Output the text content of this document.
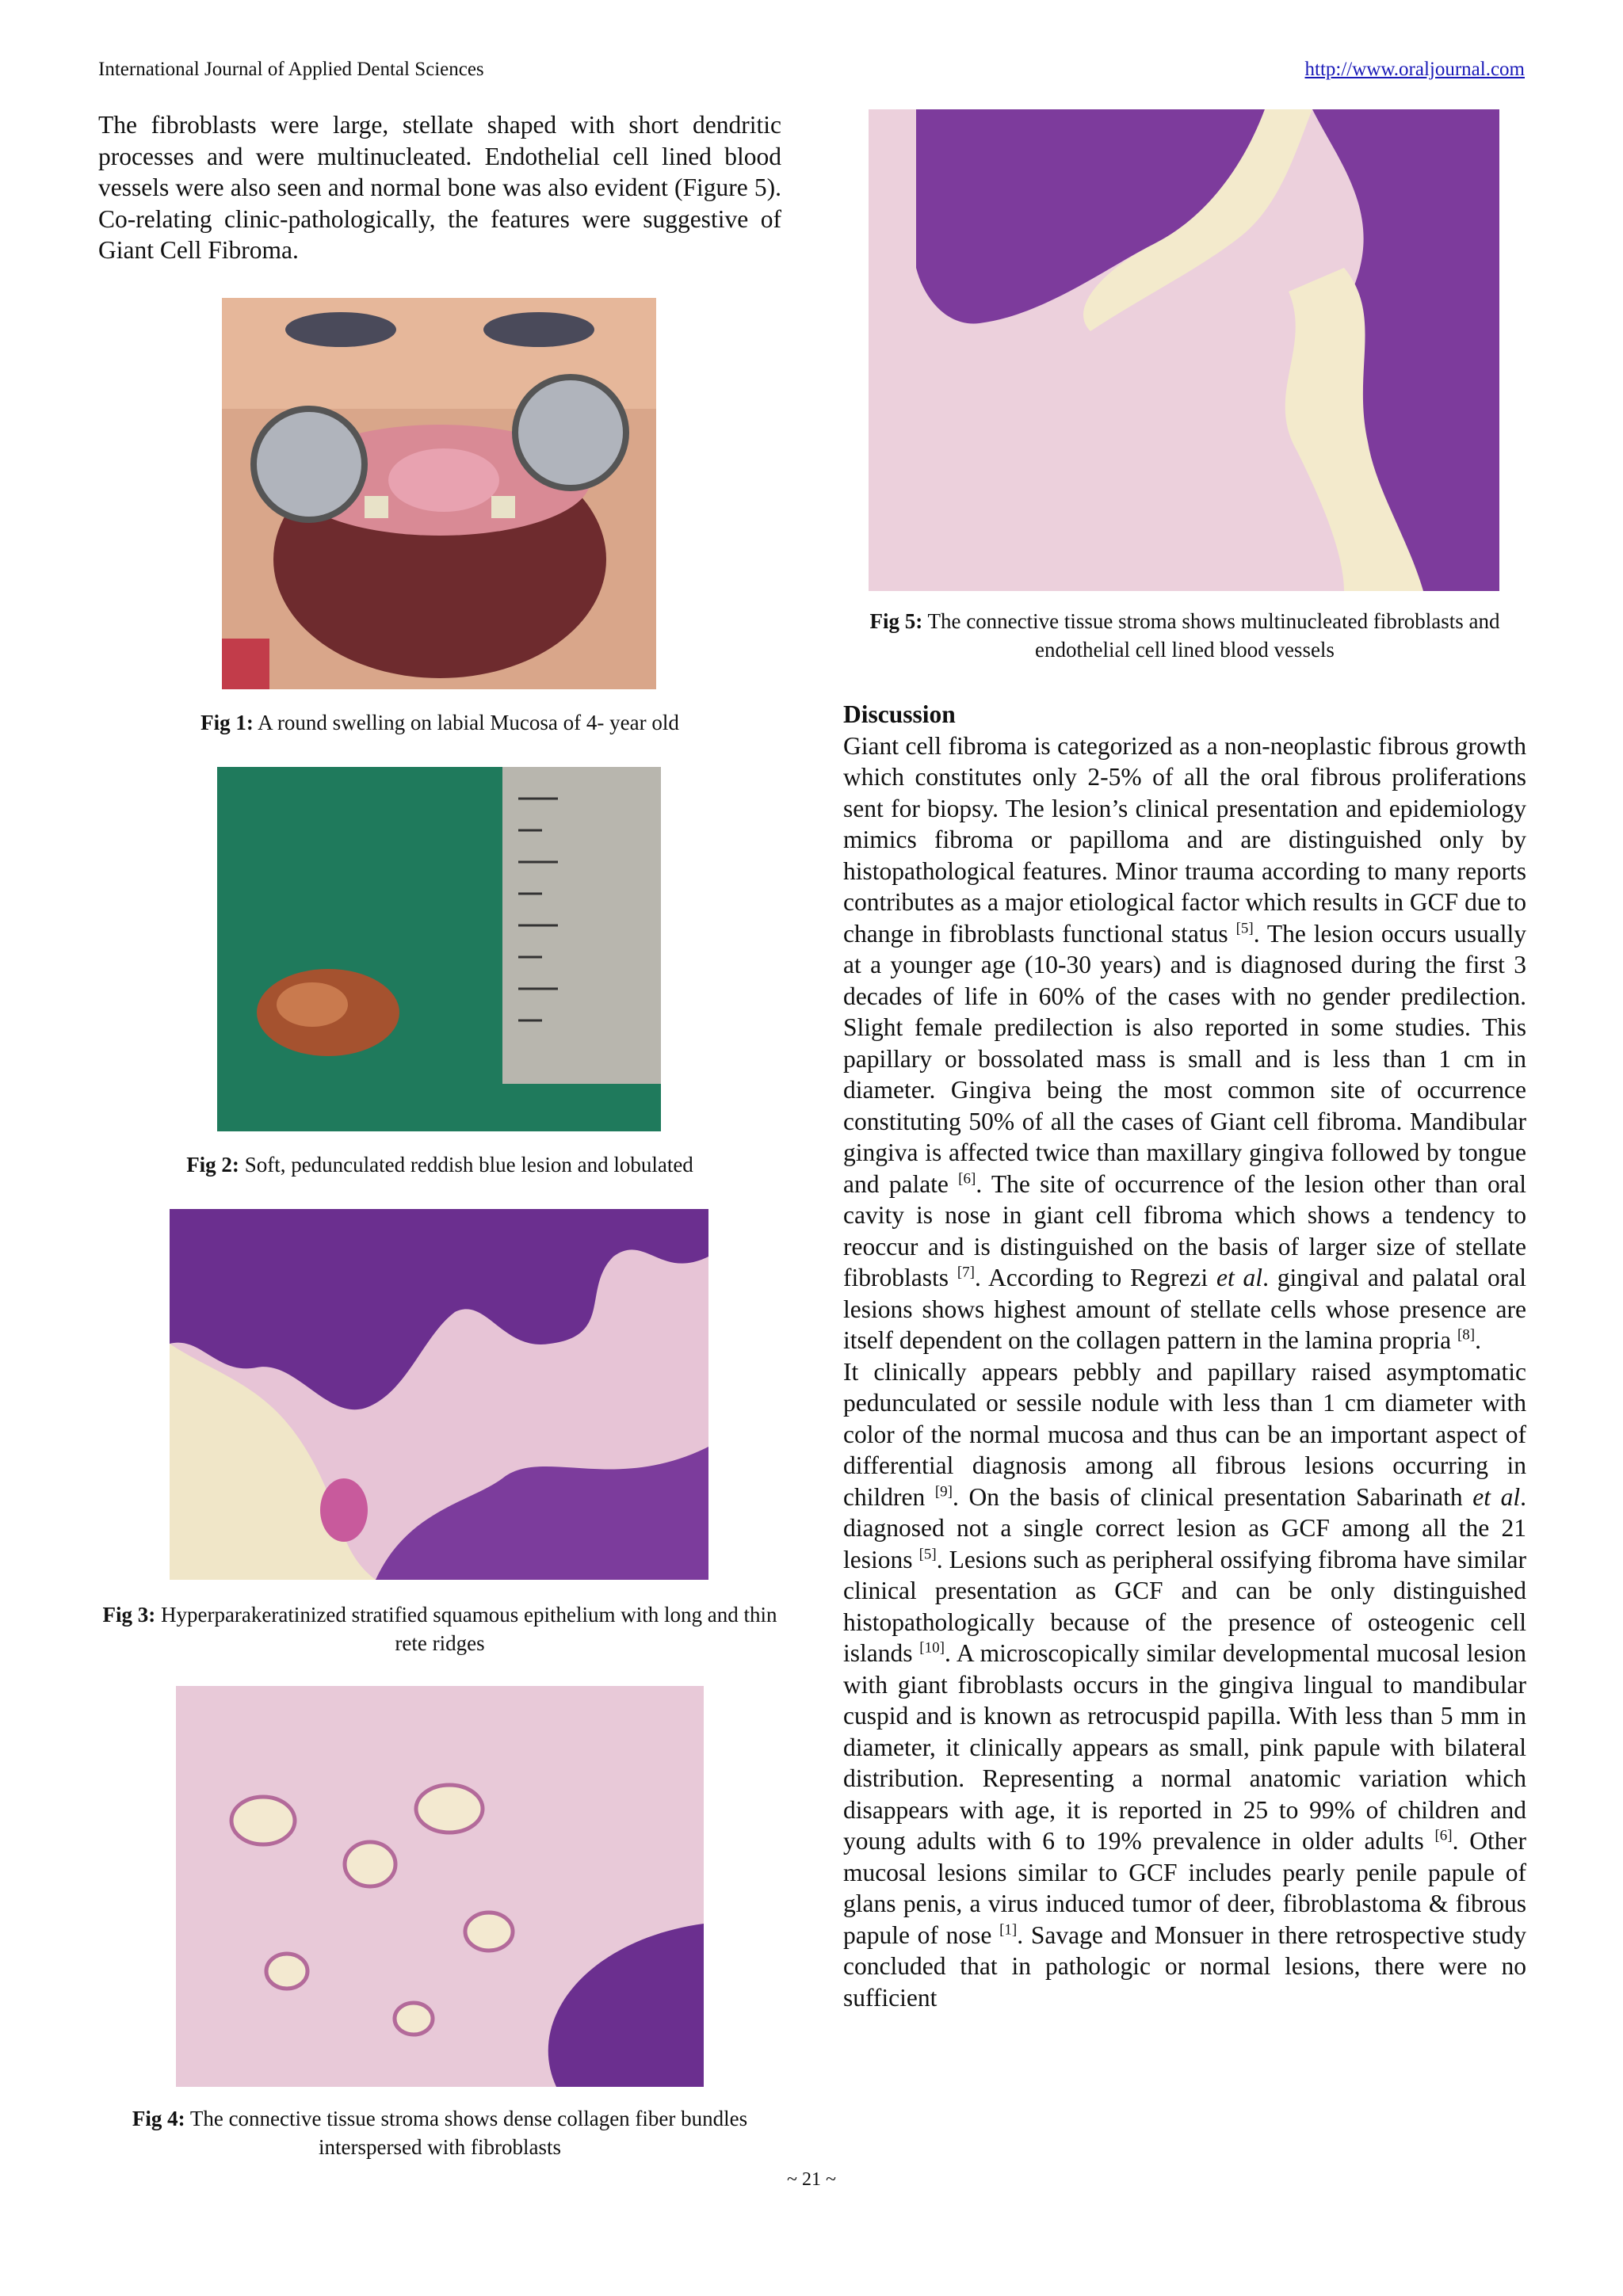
International Journal of Applied Dental Sciences	http://www.oraljournal.com
The fibroblasts were large, stellate shaped with short dendritic processes and were multinucleated. Endothelial cell lined blood vessels were also seen and normal bone was also evident (Figure 5). Co-relating clinic-pathologically, the features were suggestive of Giant Cell Fibroma.
Fig 1: A round swelling on labial Mucosa of 4- year old
Fig 2: Soft, pedunculated reddish blue lesion and lobulated
Fig 3: Hyperparakeratinized stratified squamous epithelium with long and thin rete ridges
Fig 4: The connective tissue stroma shows dense collagen fiber bundles interspersed with fibroblasts
Fig 5: The connective tissue stroma shows multinucleated fibroblasts and endothelial cell lined blood vessels
Discussion

Giant cell fibroma is categorized as a non-neoplastic fibrous growth which constitutes only 2-5% of all the oral fibrous proliferations sent for biopsy. The lesion’s clinical presentation and epidemiology mimics fibroma or papilloma and are distinguished only by histopathological features. Minor trauma according to many reports contributes as a major etiological factor which results in GCF due to change in fibroblasts functional status [5]. The lesion occurs usually at a younger age (10-30 years) and is diagnosed during the first 3 decades of life in 60% of the cases with no gender predilection. Slight female predilection is also reported in some studies. This papillary or bossolated mass is small and is less than 1 cm in diameter. Gingiva being the most common site of occurrence constituting 50% of all the cases of Giant cell fibroma. Mandibular gingiva is affected twice than maxillary gingiva followed by tongue and palate [6]. The site of occurrence of the lesion other than oral cavity is nose in giant cell fibroma which shows a tendency to reoccur and is distinguished on the basis of larger size of stellate fibroblasts [7]. According to Regrezi et al. gingival and palatal oral lesions shows highest amount of stellate cells whose presence are itself dependent on the collagen pattern in the lamina propria [8].

It clinically appears pebbly and papillary raised asymptomatic pedunculated or sessile nodule with less than 1 cm diameter with color of the normal mucosa and thus can be an important aspect of differential diagnosis among all fibrous lesions occurring in children [9]. On the basis of clinical presentation Sabarinath et al. diagnosed not a single correct lesion as GCF among all the 21 lesions [5]. Lesions such as peripheral ossifying fibroma have similar clinical presentation as GCF and can be only distinguished histopathologically because of the presence of osteogenic cell islands [10]. A microscopically similar developmental mucosal lesion with giant fibroblasts occurs in the gingiva lingual to mandibular cuspid and is known as retrocuspid papilla. With less than 5 mm in diameter, it clinically appears as small, pink papule with bilateral distribution. Representing a normal anatomic variation which disappears with age, it is reported in 25 to 99% of children and young adults with 6 to 19% prevalence in older adults [6]. Other mucosal lesions similar to GCF includes pearly penile papule of glans penis, a virus induced tumor of deer, fibroblastoma & fibrous papule of nose [1]. Savage and Monsuer in there retrospective study concluded that in pathologic or normal lesions, there were no sufficient

~ 21 ~
